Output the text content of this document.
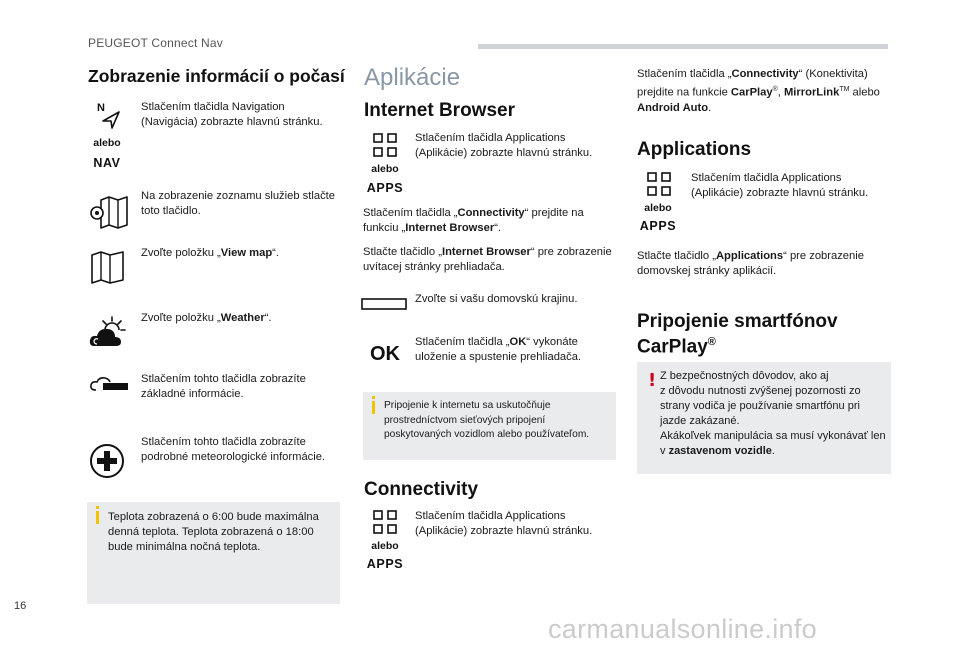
PEUGEOT Connect Nav
Zobrazenie informácií o počasí
N
alebo
NAV
Stlačením tlačidla Navigation (Navigácia) zobrazte hlavnú stránku.
Na zobrazenie zoznamu služieb stlačte toto tlačidlo.
Zvoľte položku „View map“.
Zvoľte položku „Weather“.
Stlačením tohto tlačidla zobrazíte základné informácie.
Stlačením tohto tlačidla zobrazíte podrobné meteorologické informácie.
Teplota zobrazená o 6:00 bude maximálna denná teplota. Teplota zobrazená o 18:00 bude minimálna nočná teplota.
Aplikácie
Internet Browser
alebo
APPS
Stlačením tlačidla Applications (Aplikácie) zobrazte hlavnú stránku.
Stlačením tlačidla „Connectivity“ prejdite na funkciu „Internet Browser“.
Stlačte tlačidlo „Internet Browser“ pre zobrazenie uvítacej stránky prehliadača.
Zvoľte si vašu domovskú krajinu.
OK
Stlačením tlačidla „OK“ vykonáte uloženie a spustenie prehliadača.
Pripojenie k internetu sa uskutočňuje prostredníctvom sieťových pripojení poskytovaných vozidlom alebo používateľom.
Connectivity
alebo
APPS
Stlačením tlačidla Applications (Aplikácie) zobrazte hlavnú stránku.
Stlačením tlačidla „Connectivity“ (Konektivita) prejdite na funkcie CarPlay®, MirrorLink™ alebo Android Auto.
Applications
alebo
APPS
Stlačením tlačidla Applications (Aplikácie) zobrazte hlavnú stránku.
Stlačte tlačidlo „Applications“ pre zobrazenie domovskej stránky aplikácií.
Pripojenie smartfónov
CarPlay®
! Z bezpečnostných dôvodov, ako aj
z dôvodu nutnosti zvýšenej pozornosti zo strany vodiča je používanie smartfónu pri jazde zakázané.
Akákoľvek manipulácia sa musí vykonávať len v zastavenom vozidle.
16
carmanualsonline.info
